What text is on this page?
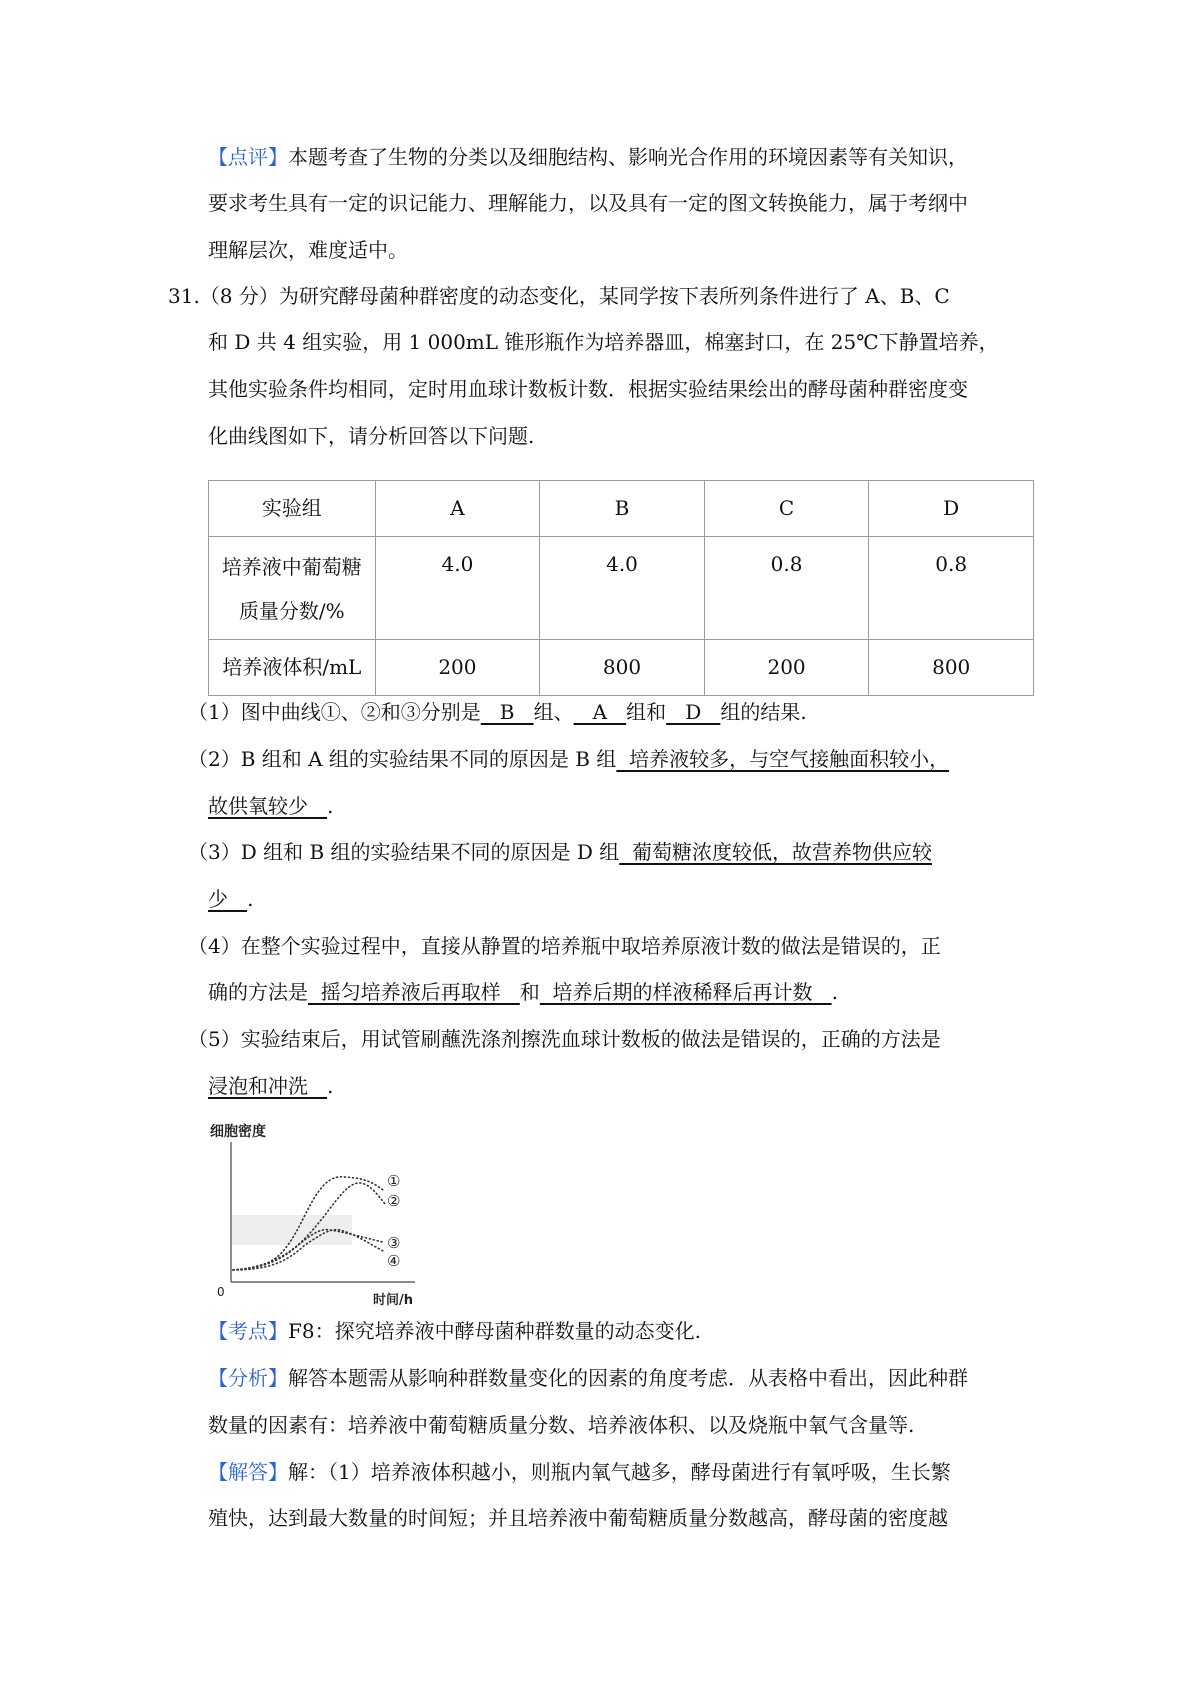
【点评】本题考查了生物的分类以及细胞结构、影响光合作用的环境因素等有关知识，
要求考生具有一定的识记能力、理解能力，以及具有一定的图文转换能力，属于考纲中
理解层次，难度适中。
31.（8 分）为研究酵母菌种群密度的动态变化，某同学按下表所列条件进行了 A、B、C
和 D 共 4 组实验，用 1 000mL 锥形瓶作为培养器皿，棉塞封口，在 25℃下静置培养，
其他实验条件均相同，定时用血球计数板计数．根据实验结果绘出的酵母菌种群密度变
化曲线图如下，请分析回答以下问题.
实验组	A	B	C	D

培养液中葡萄糖
质量分数/%	4.0	4.0	0.8	0.8
培养液体积/mL	200	800	200	800
（1）图中曲线①、②和③分别是   B   组、   A   组和   D   组的结果.
（2）B 组和 A 组的实验结果不同的原因是 B 组  培养液较多，与空气接触面积较小，
故供氧较少   .
（3）D 组和 B 组的实验结果不同的原因是 D 组  葡萄糖浓度较低，故营养物供应较
少   .
（4）在整个实验过程中，直接从静置的培养瓶中取培养原液计数的做法是错误的，正
确的方法是  摇匀培养液后再取样   和  培养后期的样液稀释后再计数   .
（5）实验结束后，用试管刷蘸洗涤剂擦洗血球计数板的做法是错误的，正确的方法是
浸泡和冲洗   .
细胞密度
0
时间/h
①
②
③
④
【考点】F8：探究培养液中酵母菌种群数量的动态变化.
【分析】解答本题需从影响种群数量变化的因素的角度考虑．从表格中看出，因此种群
数量的因素有：培养液中葡萄糖质量分数、培养液体积、以及烧瓶中氧气含量等.
【解答】解：（1）培养液体积越小，则瓶内氧气越多，酵母菌进行有氧呼吸，生长繁
殖快，达到最大数量的时间短；并且培养液中葡萄糖质量分数越高，酵母菌的密度越
